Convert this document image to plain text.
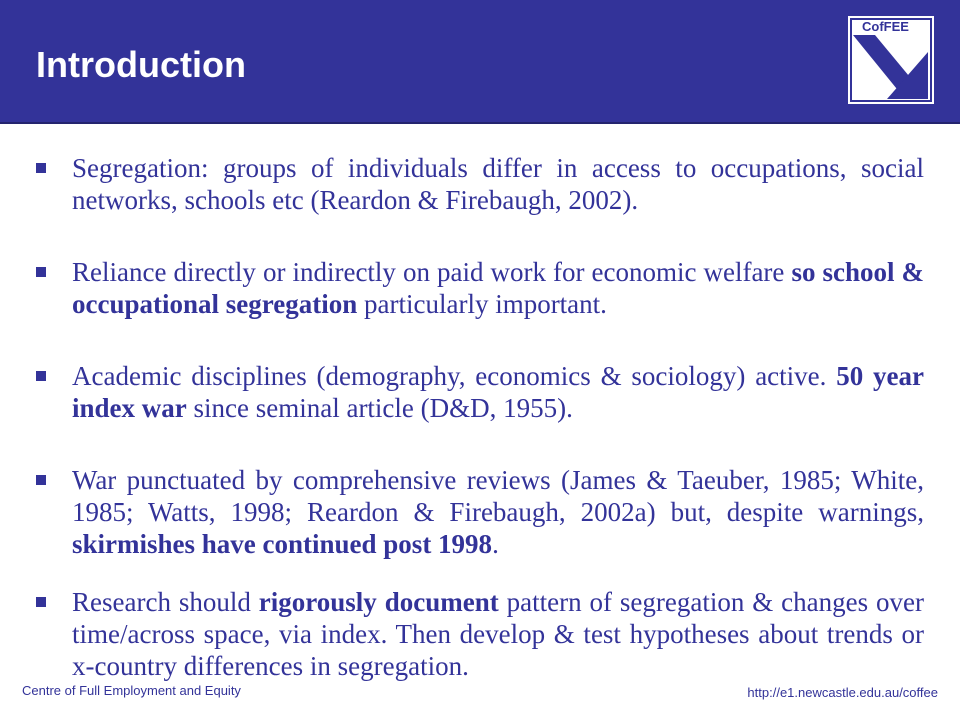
Introduction
CofFEE
Segregation: groups of individuals differ in access to occupations, social networks, schools etc (Reardon & Firebaugh, 2002).
Reliance directly or indirectly on paid work for economic welfare so school & occupational segregation particularly important.
Academic disciplines (demography, economics & sociology) active. 50 year index war since seminal article (D&D, 1955).
War punctuated by comprehensive reviews (James & Taeuber, 1985; White, 1985; Watts, 1998; Reardon & Firebaugh, 2002a) but, despite warnings, skirmishes have continued post 1998.
Research should rigorously document pattern of segregation & changes over time/across space, via index. Then develop & test hypotheses about trends or x-country differences in segregation.
Centre of Full Employment and Equity	http://e1.newcastle.edu.au/coffee
